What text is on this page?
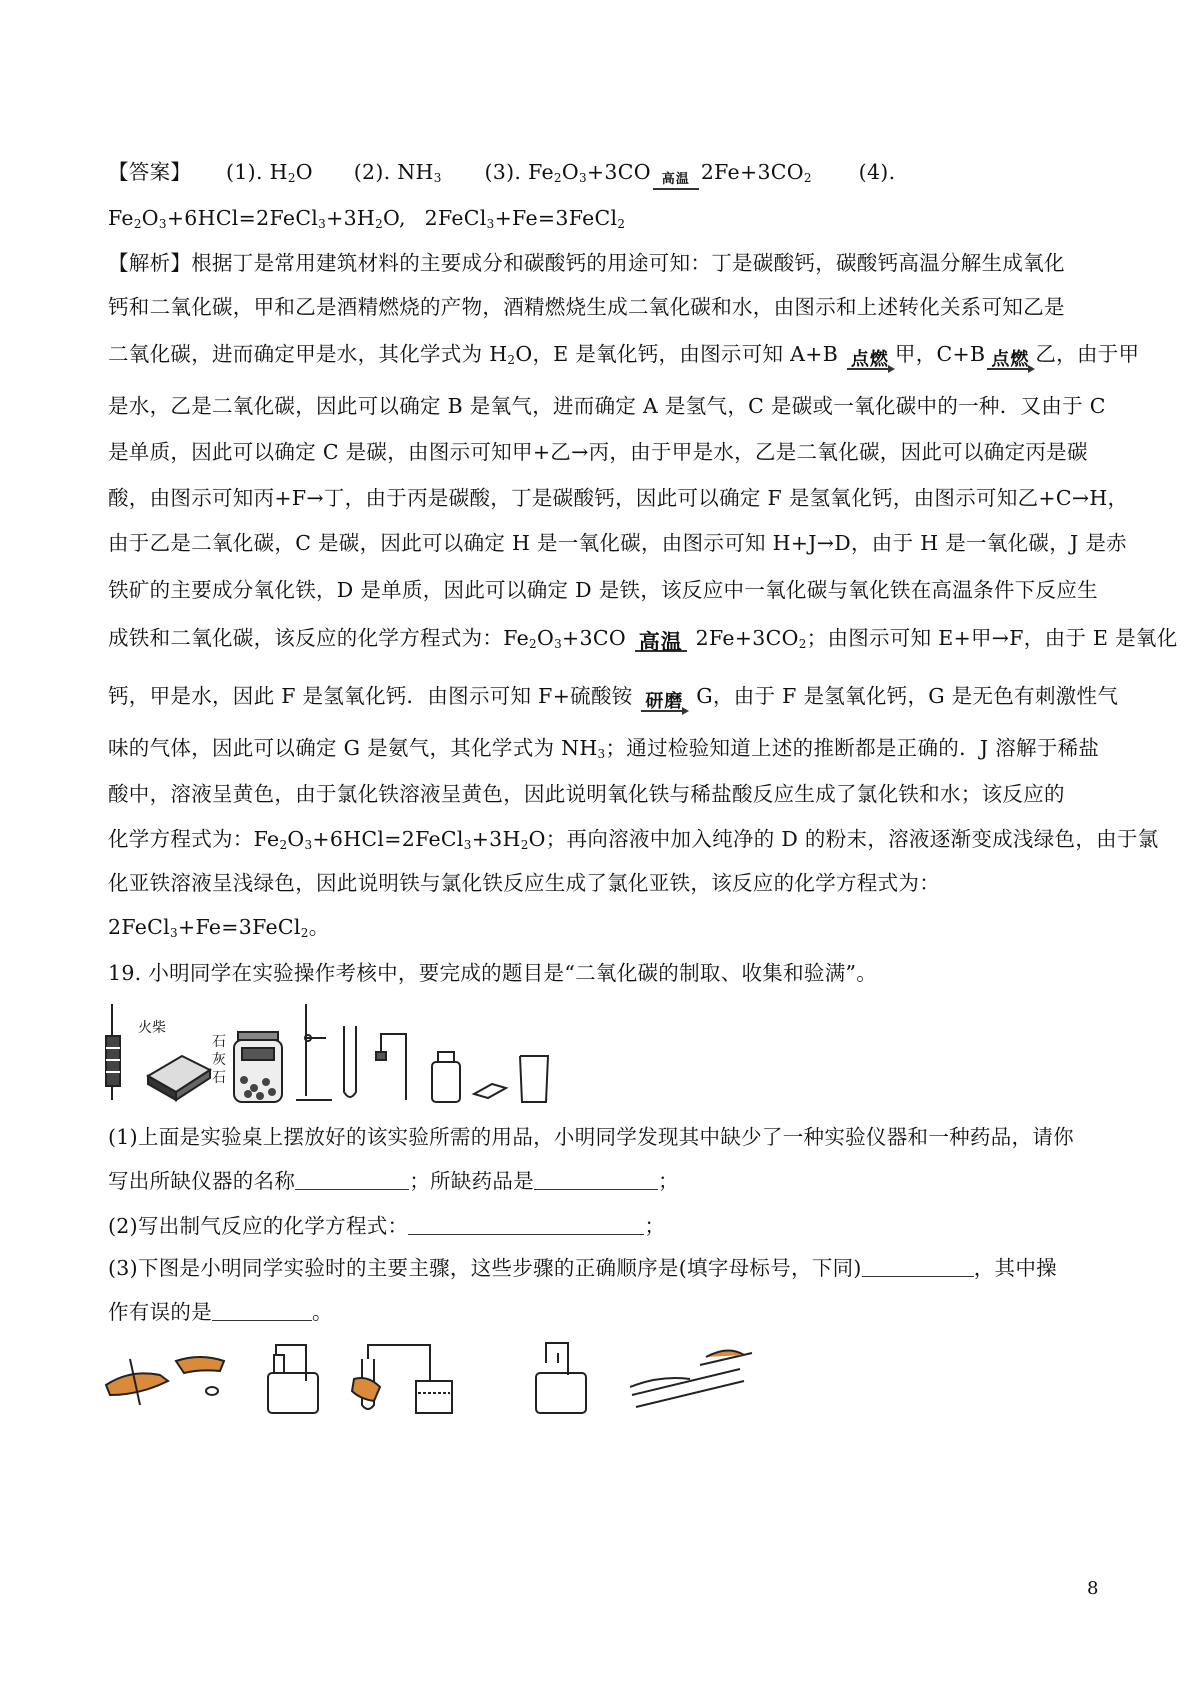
【答案】 (1). $H_2O$ (2). $NH_3$ (3). $Fe_2O_3+3CO$ 高温 $2Fe+3CO_2$ (4).
$Fe_2O_3+6HCl=2FeCl_3+3H_2O$, 2FeCl$_3$+Fe=3FeCl$_2$
【解析】根据丁是常用建筑材料的主要成分和碳酸钙的用途可知：丁是碳酸钙，碳酸钙高温分解生成氧化
钙和二氧化碳，甲和乙是酒精燃烧的产物，酒精燃烧生成二氧化碳和水，由图示和上述转化关系可知乙是
二氧化碳，进而确定甲是水，其化学式为 $H_2O$，E 是氧化钙，由图示可知 A+B 点燃 甲，C+B 点燃 乙，由于甲
是水，乙是二氧化碳，因此可以确定 B 是氧气，进而确定 A 是氢气，C 是碳或一氧化碳中的一种．又由于 C
是单质，因此可以确定 C 是碳，由图示可知甲+乙→丙，由于甲是水，乙是二氧化碳，因此可以确定丙是碳
酸，由图示可知丙+F→丁，由于丙是碳酸，丁是碳酸钙，因此可以确定 F 是氢氧化钙，由图示可知乙+C→H，
由于乙是二氧化碳，C 是碳，因此可以确定 H 是一氧化碳，由图示可知 H+J→D，由于 H 是一氧化碳，J 是赤
铁矿的主要成分氧化铁，D 是单质，因此可以确定 D 是铁，该反应中一氧化碳与氧化铁在高温条件下反应生
成铁和二氧化碳，该反应的化学方程式为：$Fe_2O_3+3CO$ 高温 $2Fe+3CO_2$；由图示可知 E+甲→F，由于 E 是氧化
钙，甲是水，因此 F 是氢氧化钙．由图示可知 F+硫酸铵 研磨 G，由于 F 是氢氧化钙，G 是无色有刺激性气
味的气体，因此可以确定 G 是氨气，其化学式为 $NH_3$；通过检验知道上述的推断都是正确的．J 溶解于稀盐
酸中，溶液呈黄色，由于氯化铁溶液呈黄色，因此说明氧化铁与稀盐酸反应生成了氯化铁和水；该反应的
化学方程式为：$Fe_2O_3+6HCl=2FeCl_3+3H_2O$；再向溶液中加入纯净的 D 的粉末，溶液逐渐变成浅绿色，由于氯
化亚铁溶液呈浅绿色，因此说明铁与氯化铁反应生成了氯化亚铁，该反应的化学方程式为：
2FeCl$_3$+Fe=3FeCl$_2$。
19. 小明同学在实验操作考核中，要完成的题目是“二氧化碳的制取、收集和验满”。
火柴
石
灰
石
(1)上面是实验桌上摆放好的该实验所需的用品，小明同学发现其中缺少了一种实验仪器和一种药品，请你
写出所缺仪器的名称	；所缺药品是	；
(2)写出制气反应的化学方程式：	；
(3)下图是小明同学实验时的主要主骤，这些步骤的正确顺序是(填字母标号，下同)	，其中操
作有误的是	。
8
